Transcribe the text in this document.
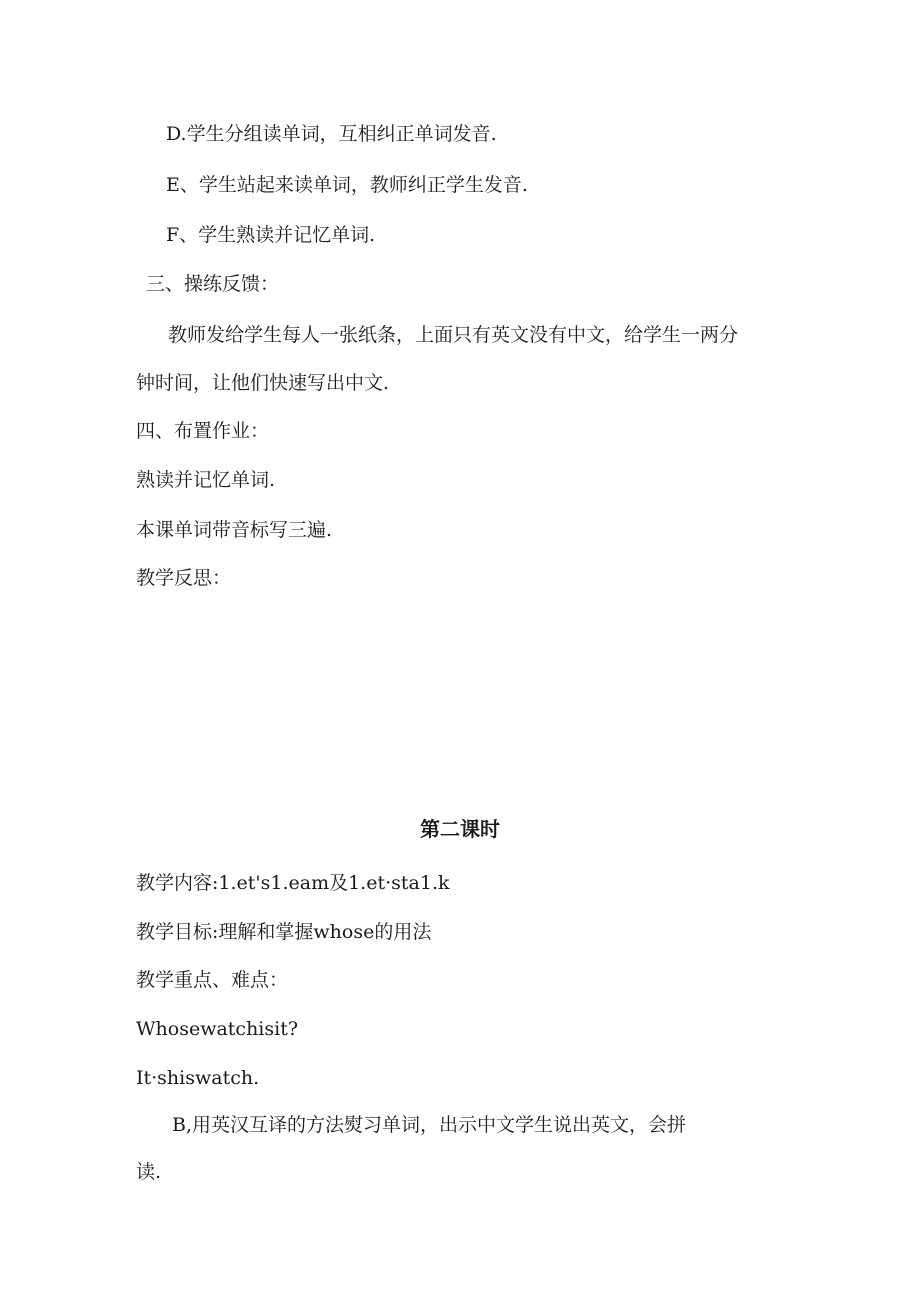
D.学生分组读单词，互相纠正单词发音.

E、学生站起来读单词，教师纠正学生发音.

F、学生熟读并记忆单词.

三、操练反馈：

教师发给学生每人一张纸条，上面只有英文没有中文，给学生一两分

钟时间，让他们快速写出中文.

四、布置作业：

熟读并记忆单词.

本课单词带音标写三遍.

教学反思：

第二课时

教学内容:1.et's1.eam及1.et·sta1.k

教学目标:理解和掌握whose的用法

教学重点、难点：

Whosewatchisit?

It·shiswatch.

B,用英汉互译的方法熨习单词，出示中文学生说出英文，会拼

读.
